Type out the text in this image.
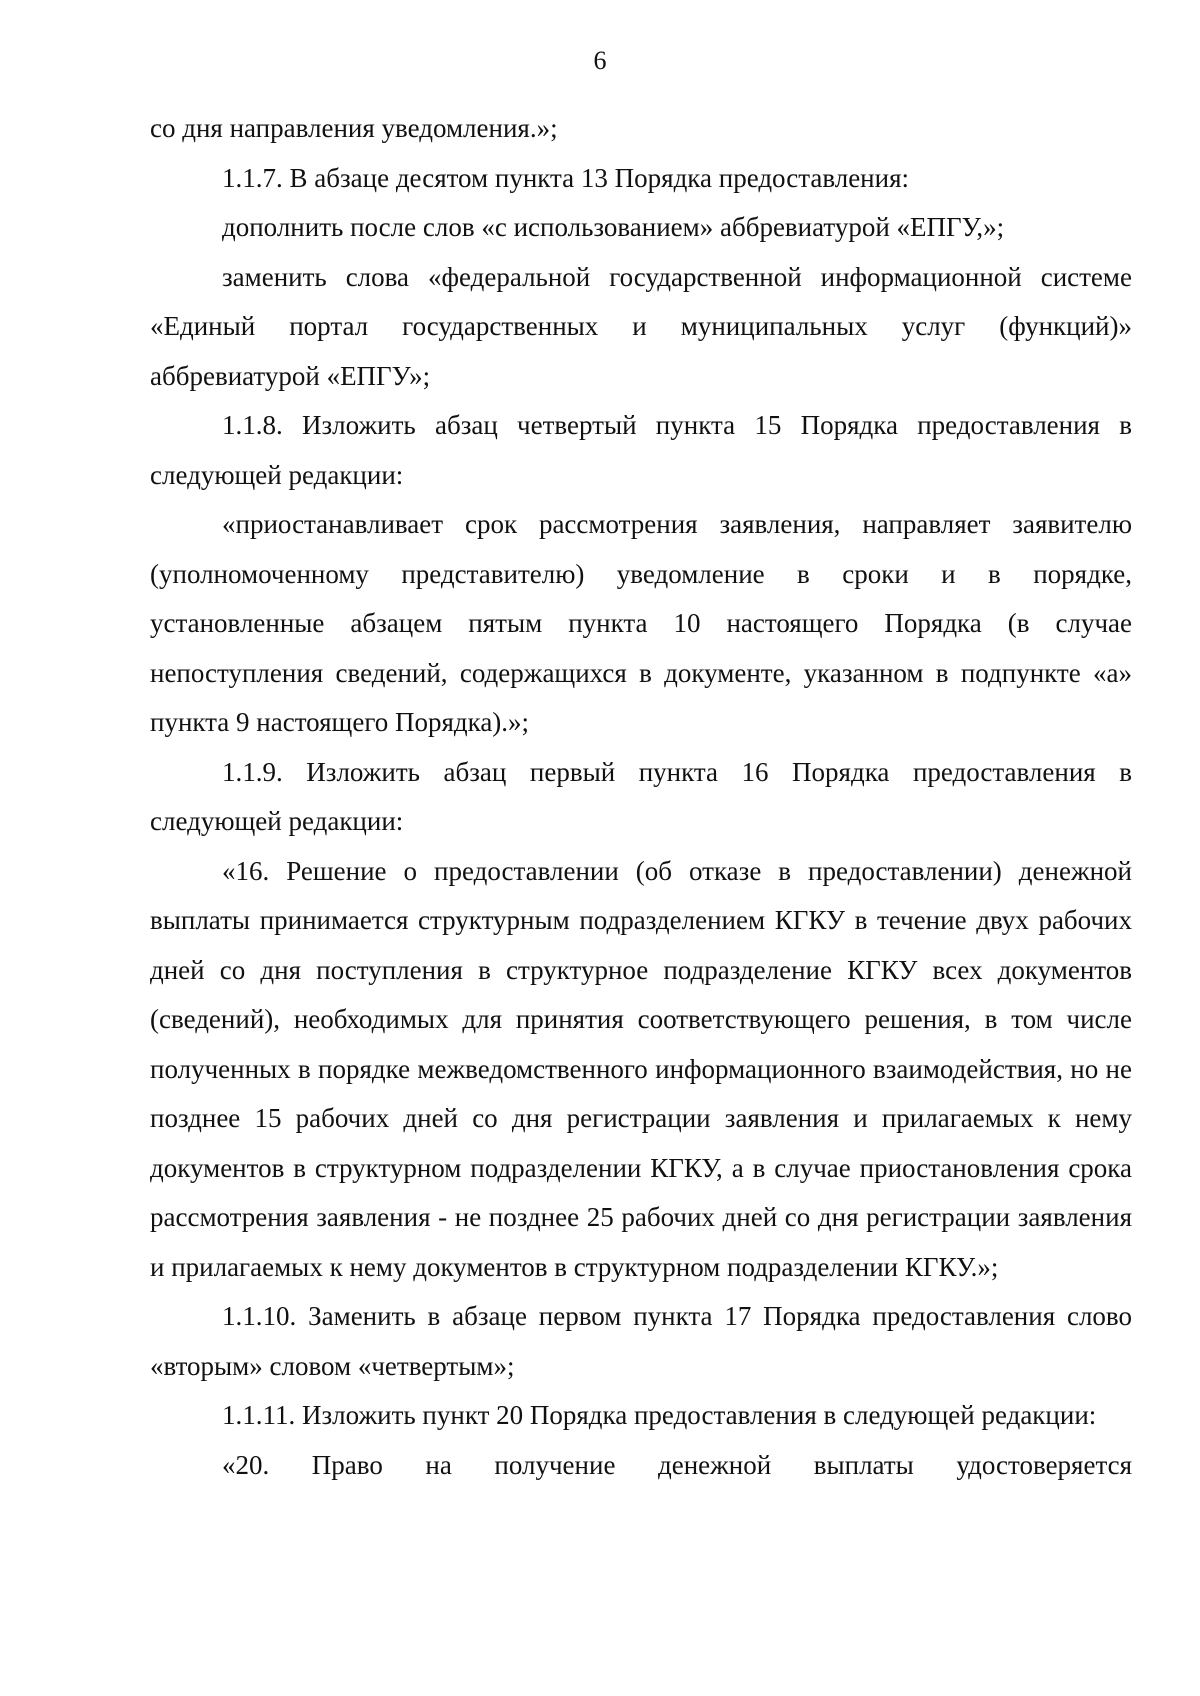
6

со дня направления уведомления.»;

1.1.7. В абзаце десятом пункта 13 Порядка предоставления:

дополнить после слов «с использованием» аббревиатурой «ЕПГУ,»;

заменить слова «федеральной государственной информационной системе «Единый портал государственных и муниципальных услуг (функций)» аббревиатурой «ЕПГУ»;

1.1.8. Изложить абзац четвертый пункта 15 Порядка предоставления в следующей редакции:

«приостанавливает срок рассмотрения заявления, направляет заявителю (уполномоченному представителю) уведомление в сроки и в порядке, установленные абзацем пятым пункта 10 настоящего Порядка (в случае непоступления сведений, содержащихся в документе, указанном в подпункте «а» пункта 9 настоящего Порядка).»;

1.1.9. Изложить абзац первый пункта 16 Порядка предоставления в следующей редакции:

«16. Решение о предоставлении (об отказе в предоставлении) денежной выплаты принимается структурным подразделением КГКУ в течение двух рабочих дней со дня поступления в структурное подразделение КГКУ всех документов (сведений), необходимых для принятия соответствующего решения, в том числе полученных в порядке межведомственного информационного взаимодействия, но не позднее 15 рабочих дней со дня регистрации заявления и прилагаемых к нему документов в структурном подразделении КГКУ, а в случае приостановления срока рассмотрения заявления - не позднее 25 рабочих дней со дня регистрации заявления и прилагаемых к нему документов в структурном подразделении КГКУ.»;

1.1.10. Заменить в абзаце первом пункта 17 Порядка предоставления слово «вторым» словом «четвертым»;

1.1.11. Изложить пункт 20 Порядка предоставления в следующей редакции:

«20. Право на получение денежной выплаты удостоверяется
